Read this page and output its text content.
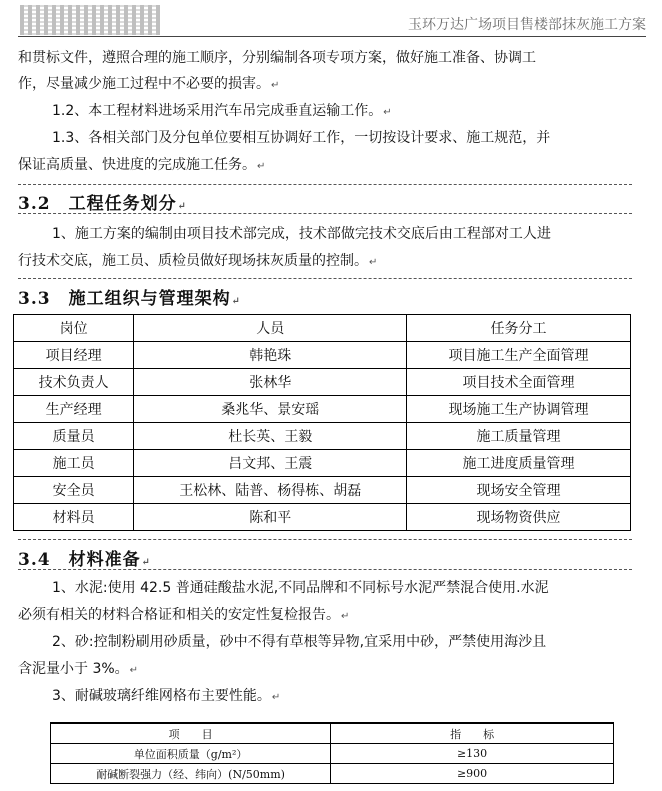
玉环万达广场项目售楼部抹灰施工方案
和贯标文件，遵照合理的施工顺序，分别编制各项专项方案，做好施工准备、协调工
作，尽量减少施工过程中不必要的损害。↵
1.2、本工程材料进场采用汽车吊完成垂直运输工作。↵
1.3、各相关部门及分包单位要相互协调好工作，一切按设计要求、施工规范，并
保证高质量、快进度的完成施工任务。↵
3.2 工程任务划分↵
1、施工方案的编制由项目技术部完成，技术部做完技术交底后由工程部对工人进
行技术交底，施工员、质检员做好现场抹灰质量的控制。↵
3.3 施工组织与管理架构↵
岗位	人员	任务分工
项目经理	韩艳珠	项目施工生产全面管理
技术负责人	张林华	项目技术全面管理
生产经理	桑兆华、景安瑶	现场施工生产协调管理
质量员	杜长英、王毅	施工质量管理
施工员	吕文邦、王震	施工进度质量管理
安全员	王松林、陆普、杨得栋、胡磊	现场安全管理
材料员	陈和平	现场物资供应
3.4 材料准备↵
1、水泥:使用 42.5 普通硅酸盐水泥,不同品牌和不同标号水泥严禁混合使用.水泥
必须有相关的材料合格证和相关的安定性复检报告。↵
2、砂:控制粉刷用砂质量，砂中不得有草根等异物,宜采用中砂，严禁使用海沙且
含泥量小于 3%。↵
3、耐碱玻璃纤维网格布主要性能。↵
项　　目	指　　标
单位面积质量（g/m²）	≥130
耐碱断裂强力（经、纬向）(N/50mm)	≥900
